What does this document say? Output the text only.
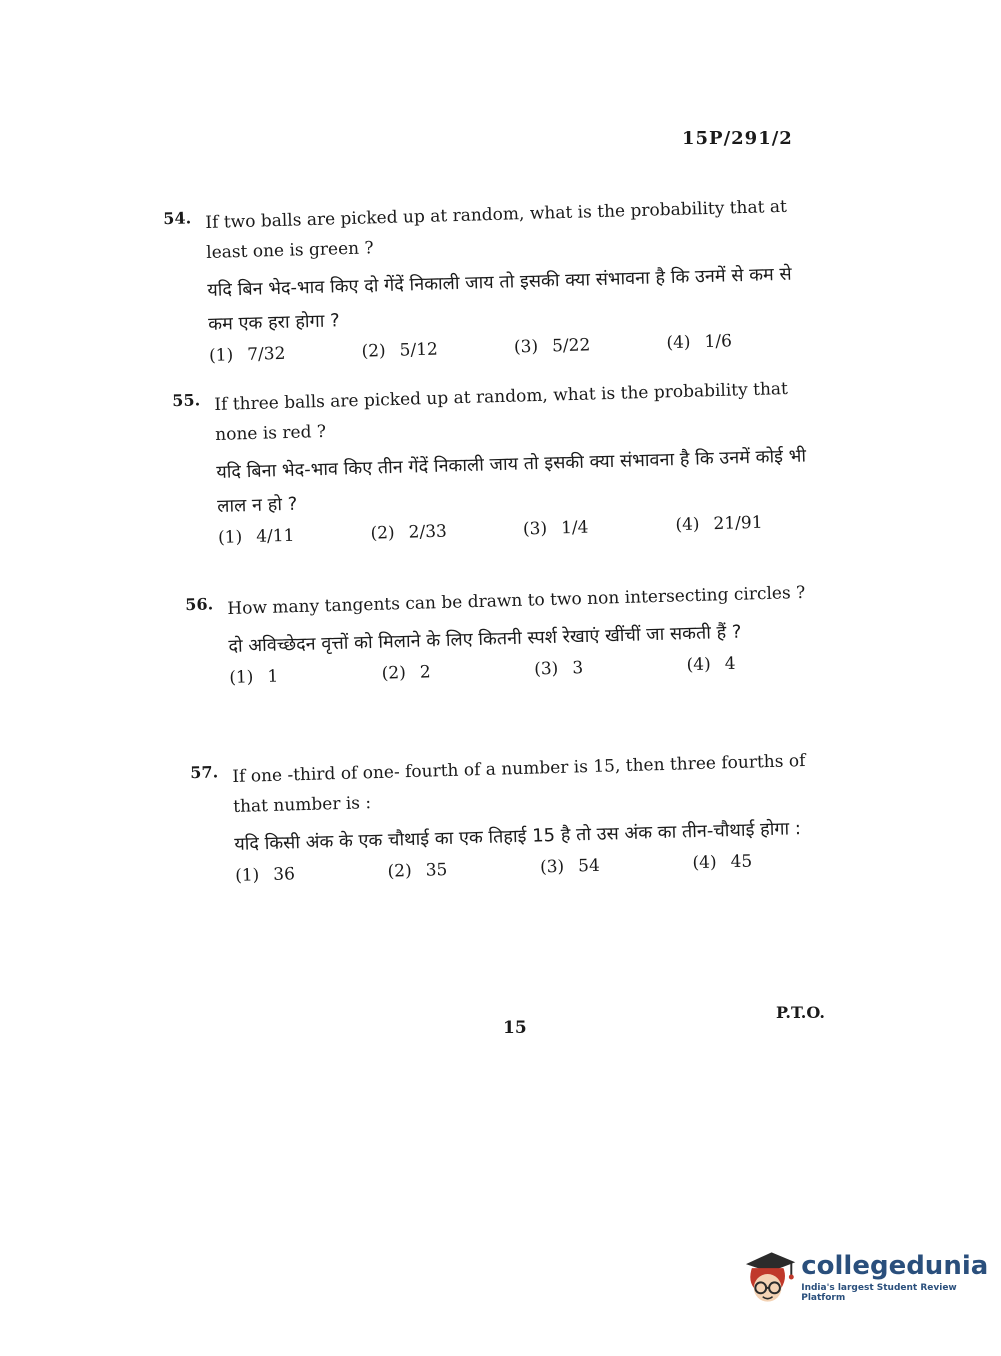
15P/291/2
54. If two balls are picked up at random, what is the probability that at least one is green ?

यदि बिन भेद-भाव किए दो गेंदें निकाली जाय तो इसकी क्या संभावना है कि उनमें से कम से कम एक हरा होगा ?

(1) 7/32	(2) 5/12	(3) 5/22	(4) 1/6
55. If three balls are picked up at random, what is the probability that none is red ?

यदि बिना भेद-भाव किए तीन गेंदें निकाली जाय तो इसकी क्या संभावना है कि उनमें कोई भी लाल न हो ?

(1) 4/11	(2) 2/33	(3) 1/4	(4) 21/91
56. How many tangents can be drawn to two non intersecting circles ?

दो अविच्छेदन वृत्तों को मिलाने के लिए कितनी स्पर्श रेखाएं खींचीं जा सकती हैं ?

(1) 1	(2) 2	(3) 3	(4) 4
57. If one -third of one- fourth of a number is 15, then three fourths of that number is :

यदि किसी अंक के एक चौथाई का एक तिहाई 15 है तो उस अंक का तीन-चौथाई होगा :

(1) 36	(2) 35	(3) 54	(4) 45
15
P.T.O.
collegedunia
India's largest Student Review Platform
